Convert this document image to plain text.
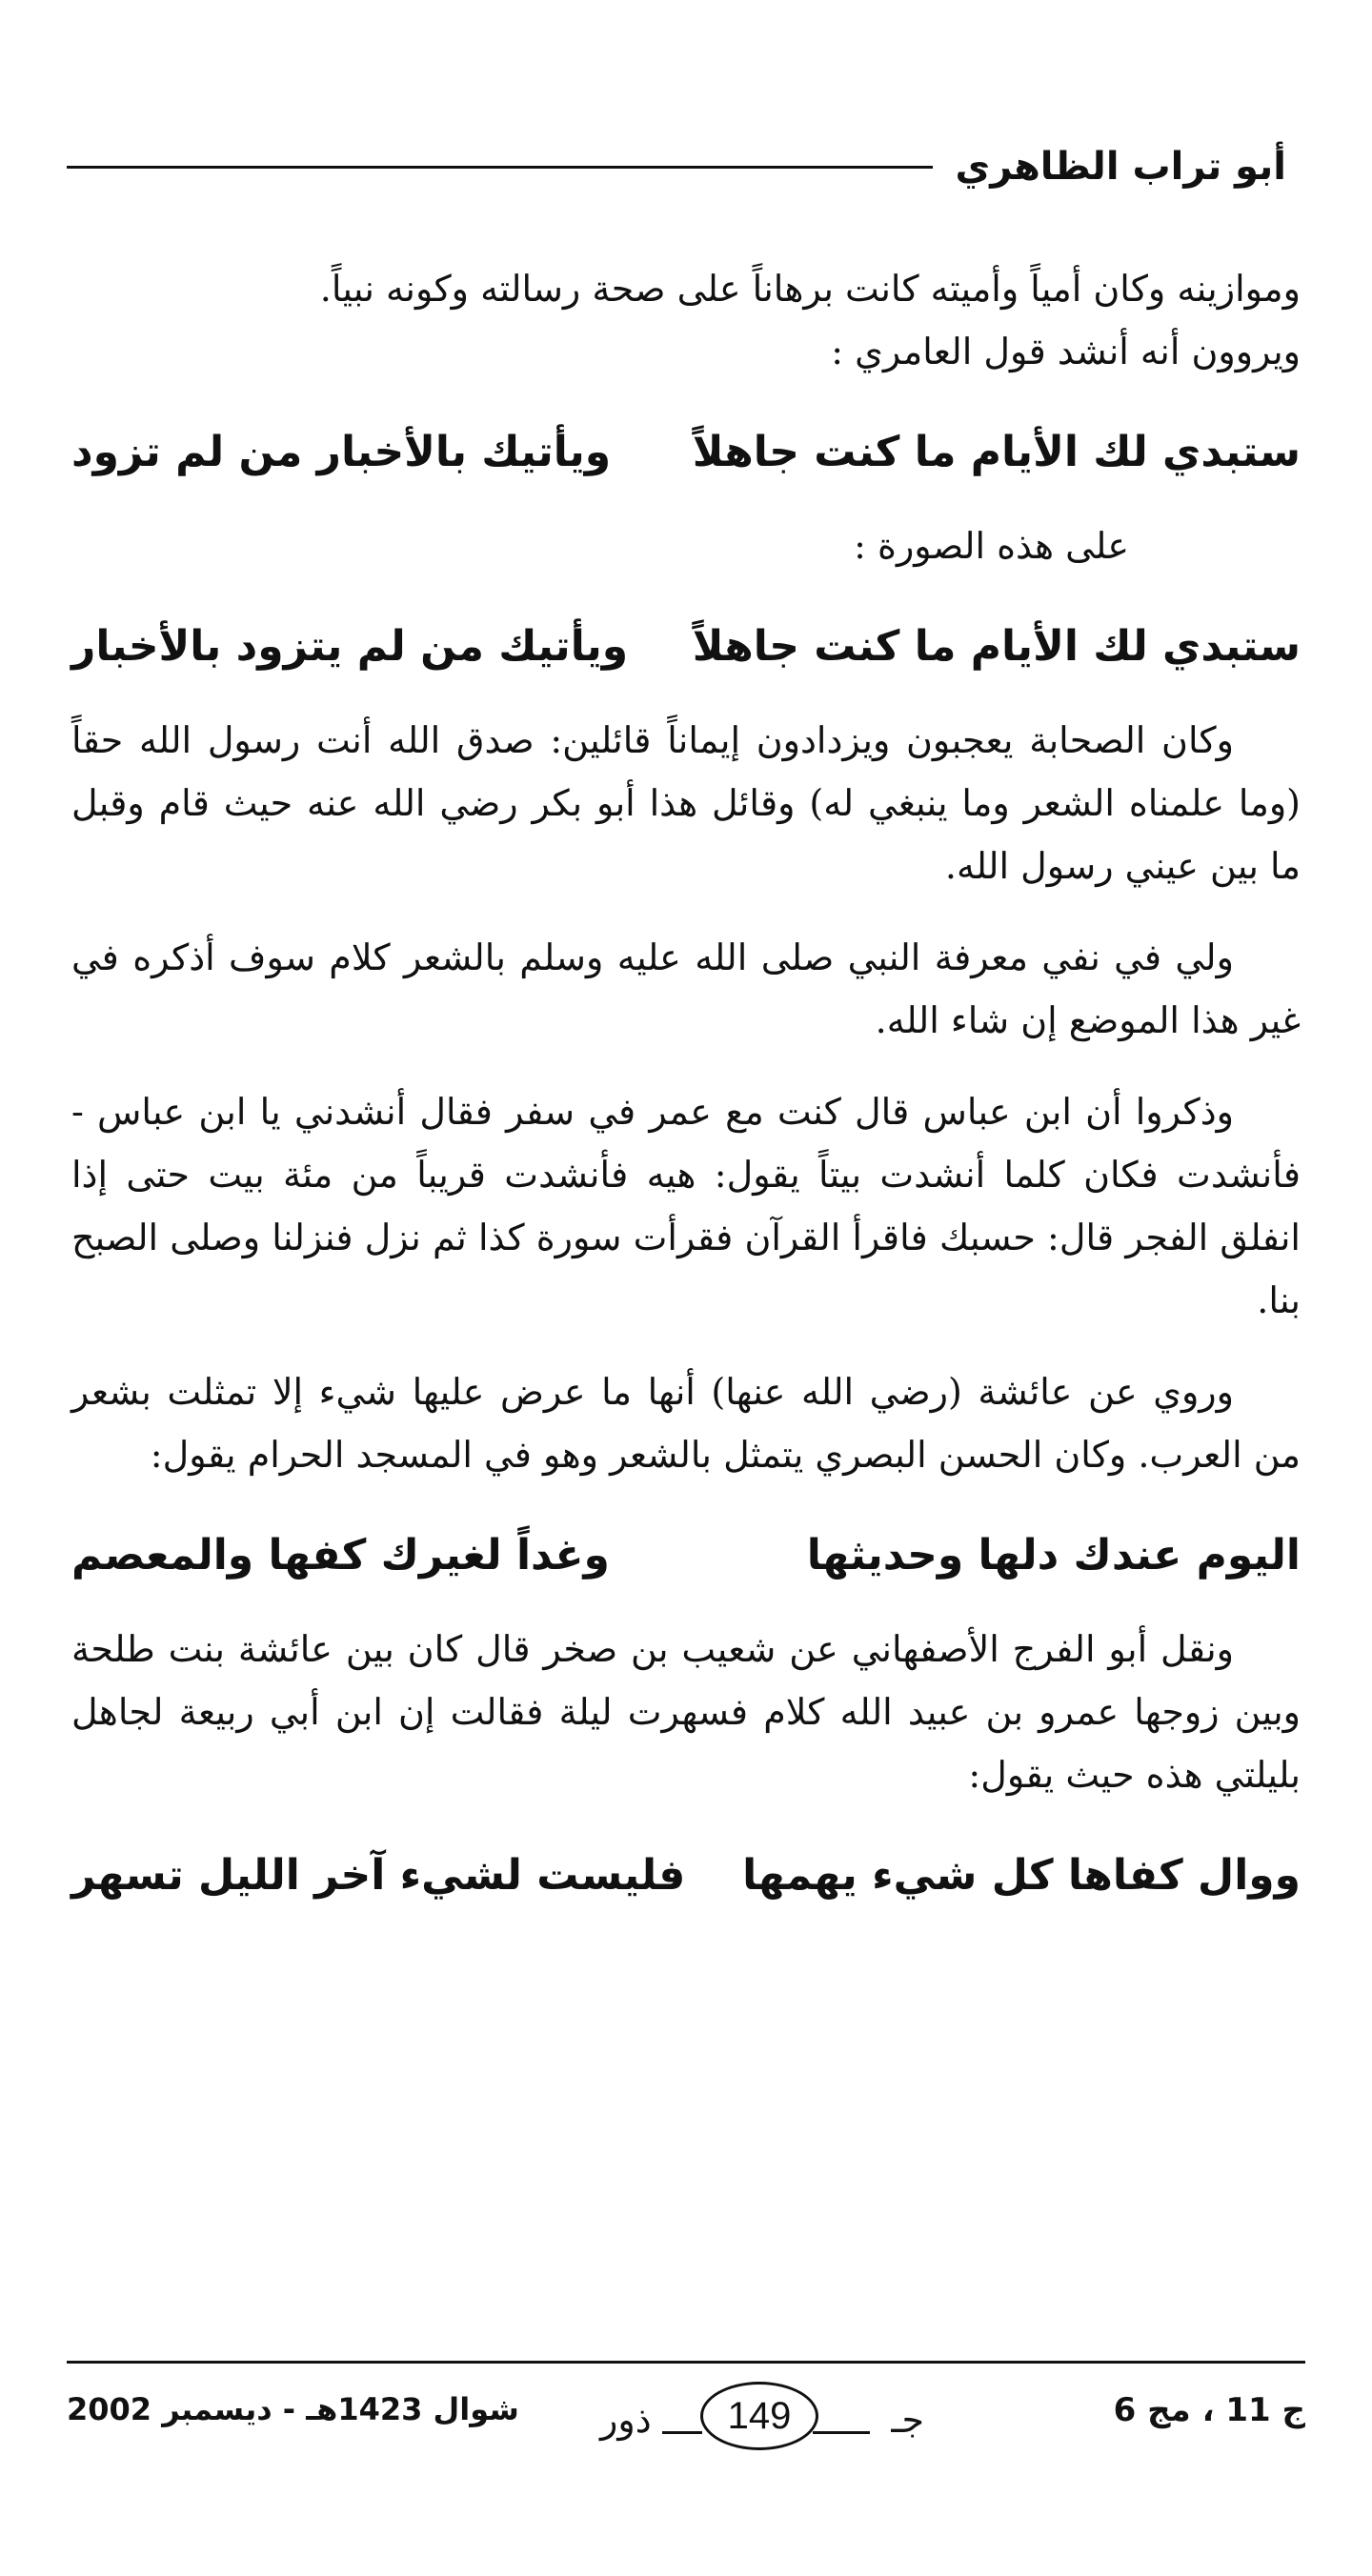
أبو تراب الظاهري

وموازينه وكان أمياً وأميته كانت برهاناً على صحة رسالته وكونه نبياً.

ويروون أنه أنشد قول العامري :

ستبدي لك الأيام ما كنت جاهلاً
ويأتيك بالأخبار من لم تزود

على هذه الصورة :

ستبدي لك الأيام ما كنت جاهلاً
ويأتيك من لم يتزود بالأخبار

وكان الصحابة يعجبون ويزدادون إيماناً قائلين: صدق الله أنت رسول الله حقاً (وما علمناه الشعر وما ينبغي له) وقائل هذا أبو بكر رضي الله عنه حيث قام وقبل ما بين عيني رسول الله.

ولي في نفي معرفة النبي صلى الله عليه وسلم بالشعر كلام سوف أذكره في غير هذا الموضع إن شاء الله.

وذكروا أن ابن عباس قال كنت مع عمر في سفر فقال أنشدني يا ابن عباس - فأنشدت فكان كلما أنشدت بيتاً يقول: هيه فأنشدت قريباً من مئة بيت حتى إذا انفلق الفجر قال: حسبك فاقرأ القرآن فقرأت سورة كذا ثم نزل فنزلنا وصلى الصبح بنا.

وروي عن عائشة (رضي الله عنها) أنها ما عرض عليها شيء إلا تمثلت بشعر من العرب. وكان الحسن البصري يتمثل بالشعر وهو في المسجد الحرام يقول:

اليوم عندك دلها وحديثها
وغداً لغيرك كفها والمعصم

ونقل أبو الفرج الأصفهاني عن شعيب بن صخر قال كان بين عائشة بنت طلحة وبين زوجها عمرو بن عبيد الله كلام فسهرت ليلة فقالت إن ابن أبي ربيعة لجاهل بليلتي هذه حيث يقول:

ووال كفاها كل شيء يهمها
فليست لشيء آخر الليل تسهر
ج 11 ، مج 6
جـ
ذور	149
شوال 1423هـ - ديسمبر 2002
